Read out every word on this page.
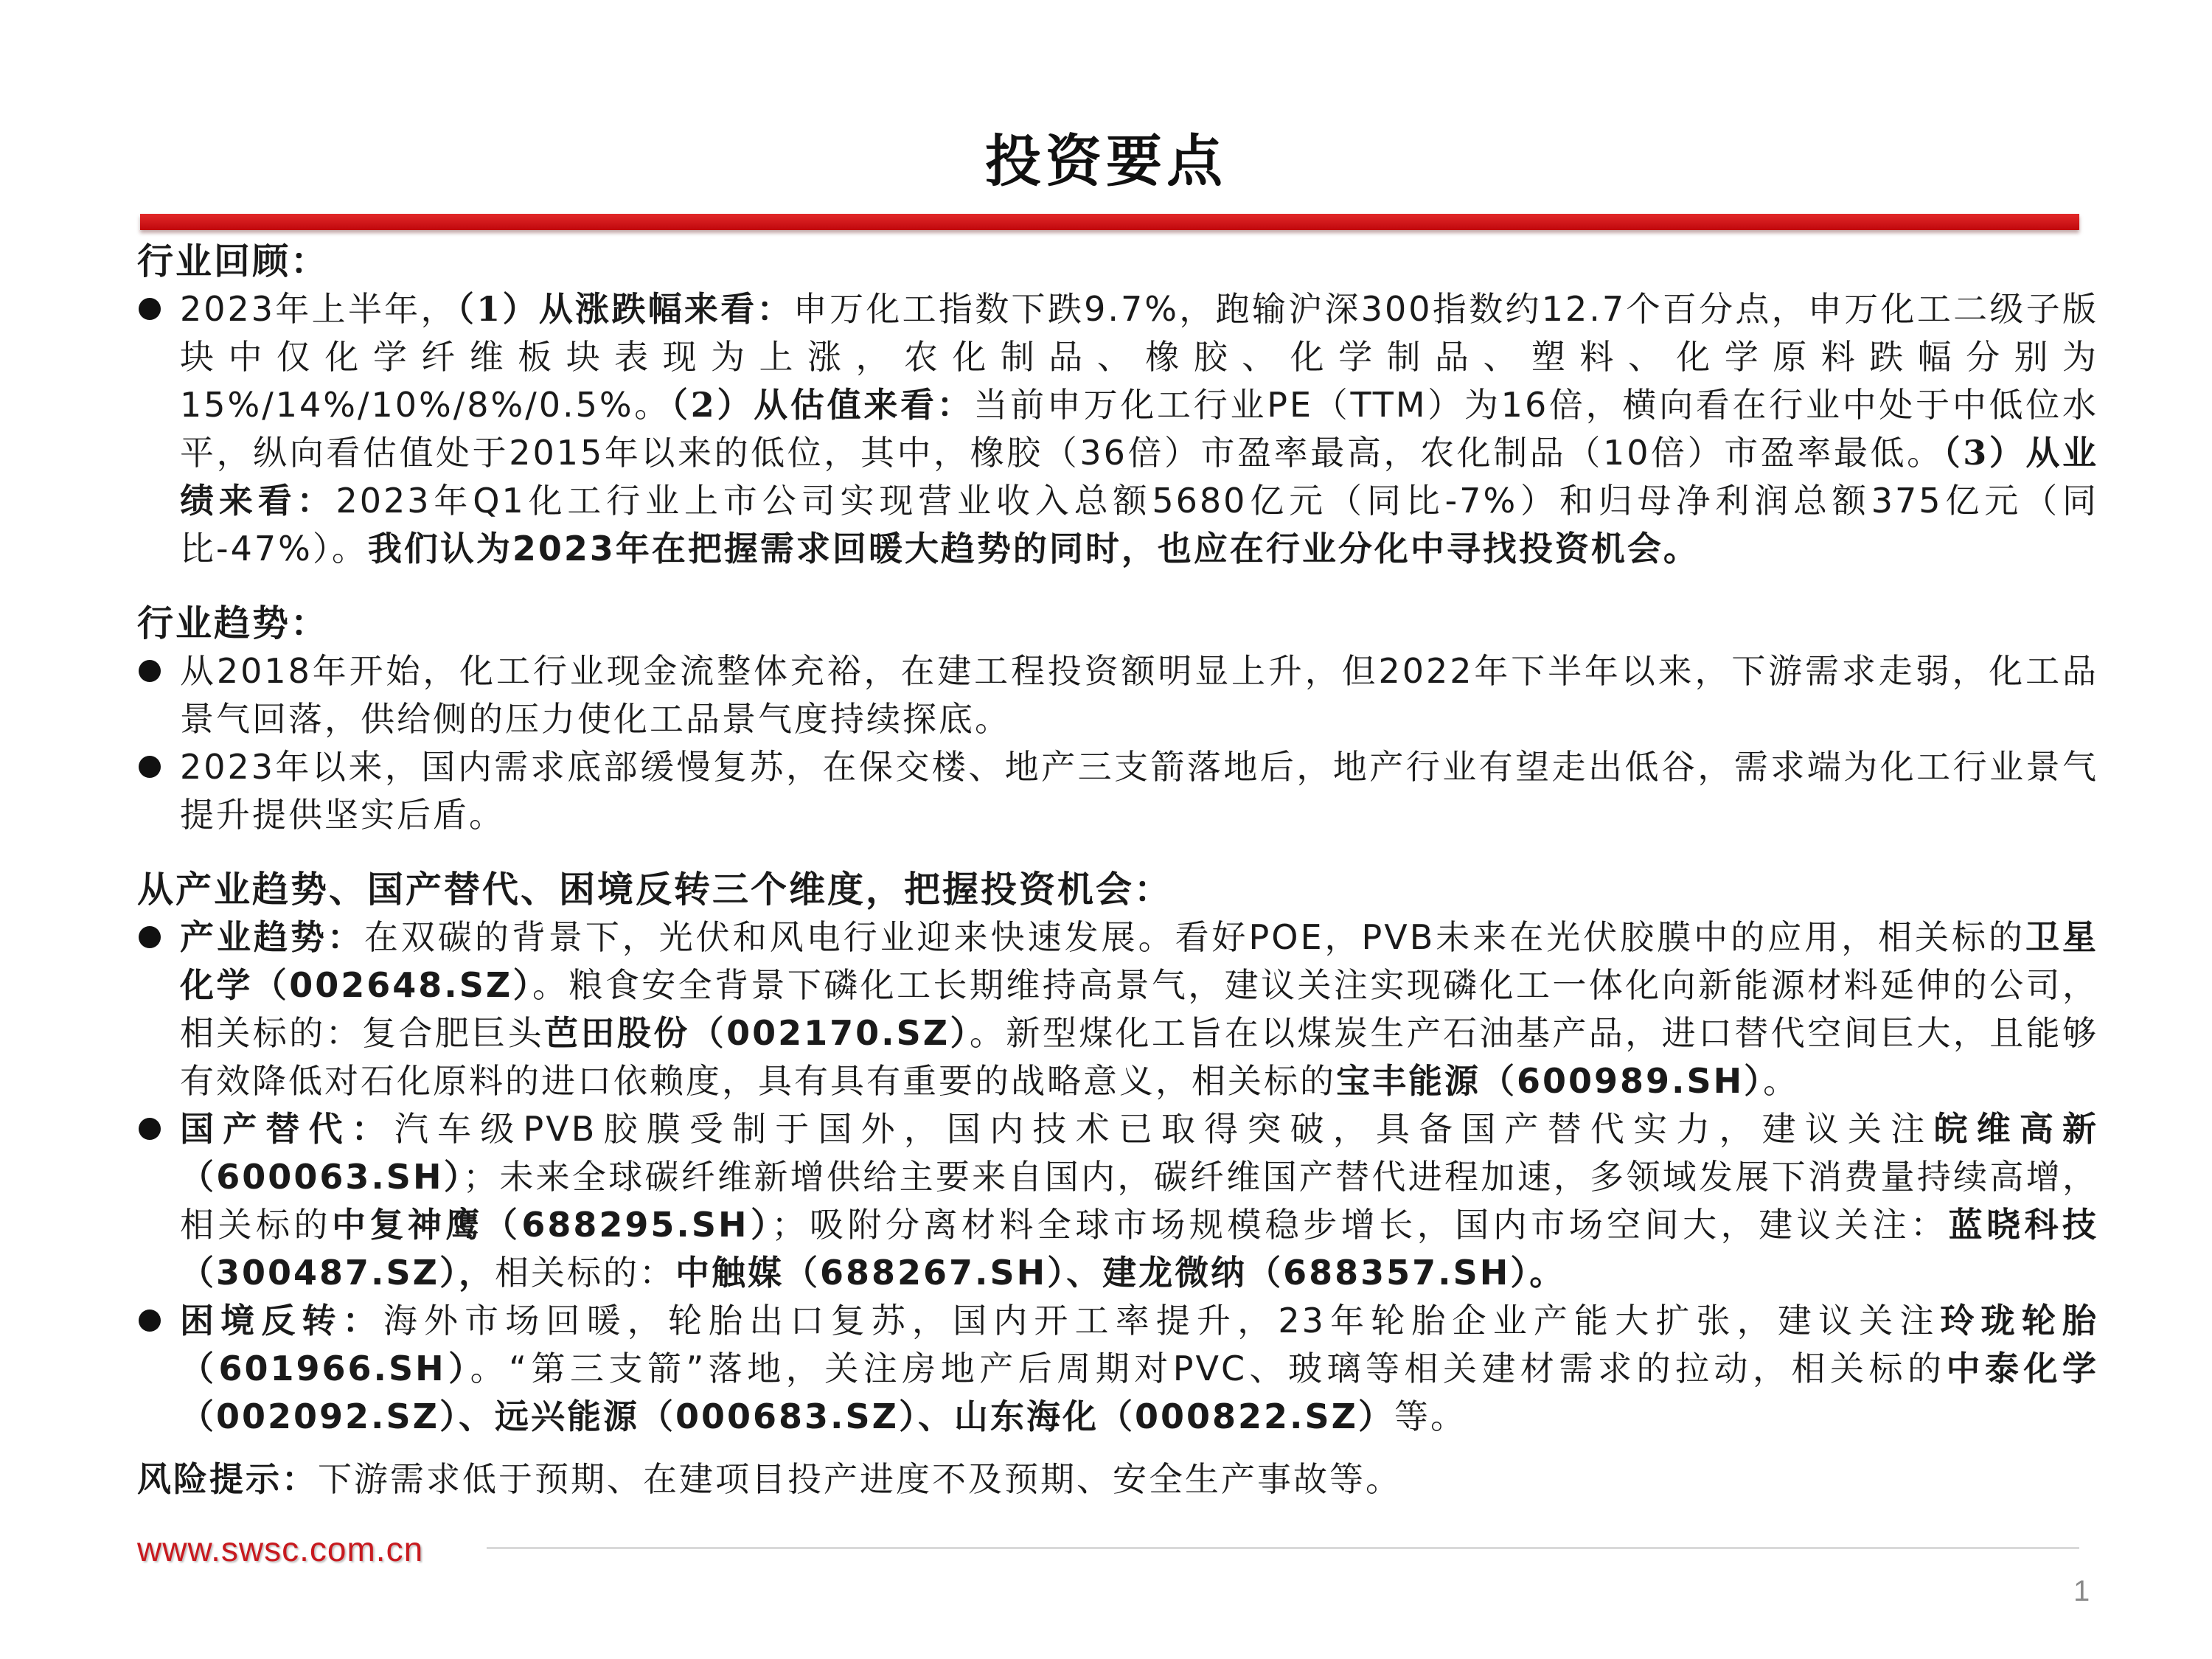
投资要点
行业回顾：
2023年上半年，（1）从涨跌幅来看：申万化工指数下跌9.7%，跑输沪深300指数约12.7个百分点，申万化工二级子版块中仅化学纤维板块表现为上涨，农化制品、橡胶、化学制品、塑料、化学原料跌幅分别为15%/14%/10%/8%/0.5%。（2）从估值来看：当前申万化工行业PE（TTM）为16倍，横向看在行业中处于中低位水平，纵向看估值处于2015年以来的低位，其中，橡胶（36倍）市盈率最高，农化制品（10倍）市盈率最低。（3）从业绩来看：2023年Q1化工行业上市公司实现营业收入总额5680亿元（同比-7%）和归母净利润总额375亿元（同比-47%）。我们认为2023年在把握需求回暖大趋势的同时，也应在行业分化中寻找投资机会。
行业趋势：
从2018年开始，化工行业现金流整体充裕，在建工程投资额明显上升，但2022年下半年以来，下游需求走弱，化工品景气回落，供给侧的压力使化工品景气度持续探底。
2023年以来，国内需求底部缓慢复苏，在保交楼、地产三支箭落地后，地产行业有望走出低谷，需求端为化工行业景气提升提供坚实后盾。
从产业趋势、国产替代、困境反转三个维度，把握投资机会：
产业趋势：在双碳的背景下，光伏和风电行业迎来快速发展。看好POE，PVB未来在光伏胶膜中的应用，相关标的卫星化学（002648.SZ）。粮食安全背景下磷化工长期维持高景气，建议关注实现磷化工一体化向新能源材料延伸的公司，相关标的：复合肥巨头芭田股份（002170.SZ）。新型煤化工旨在以煤炭生产石油基产品，进口替代空间巨大，且能够有效降低对石化原料的进口依赖度，具有具有重要的战略意义，相关标的宝丰能源（600989.SH）。
国产替代：汽车级PVB胶膜受制于国外，国内技术已取得突破，具备国产替代实力，建议关注皖维高新（600063.SH）；未来全球碳纤维新增供给主要来自国内，碳纤维国产替代进程加速，多领域发展下消费量持续高增，相关标的中复神鹰（688295.SH）；吸附分离材料全球市场规模稳步增长，国内市场空间大，建议关注：蓝晓科技（300487.SZ），相关标的：中触媒（688267.SH）、建龙微纳（688357.SH）。
困境反转：海外市场回暖，轮胎出口复苏，国内开工率提升，23年轮胎企业产能大扩张，建议关注玲珑轮胎（601966.SH）。“第三支箭”落地，关注房地产后周期对PVC、玻璃等相关建材需求的拉动，相关标的中泰化学（002092.SZ）、远兴能源（000683.SZ）、山东海化（000822.SZ）等。
风险提示：下游需求低于预期、在建项目投产进度不及预期、安全生产事故等。
www.swsc.com.cn
1
